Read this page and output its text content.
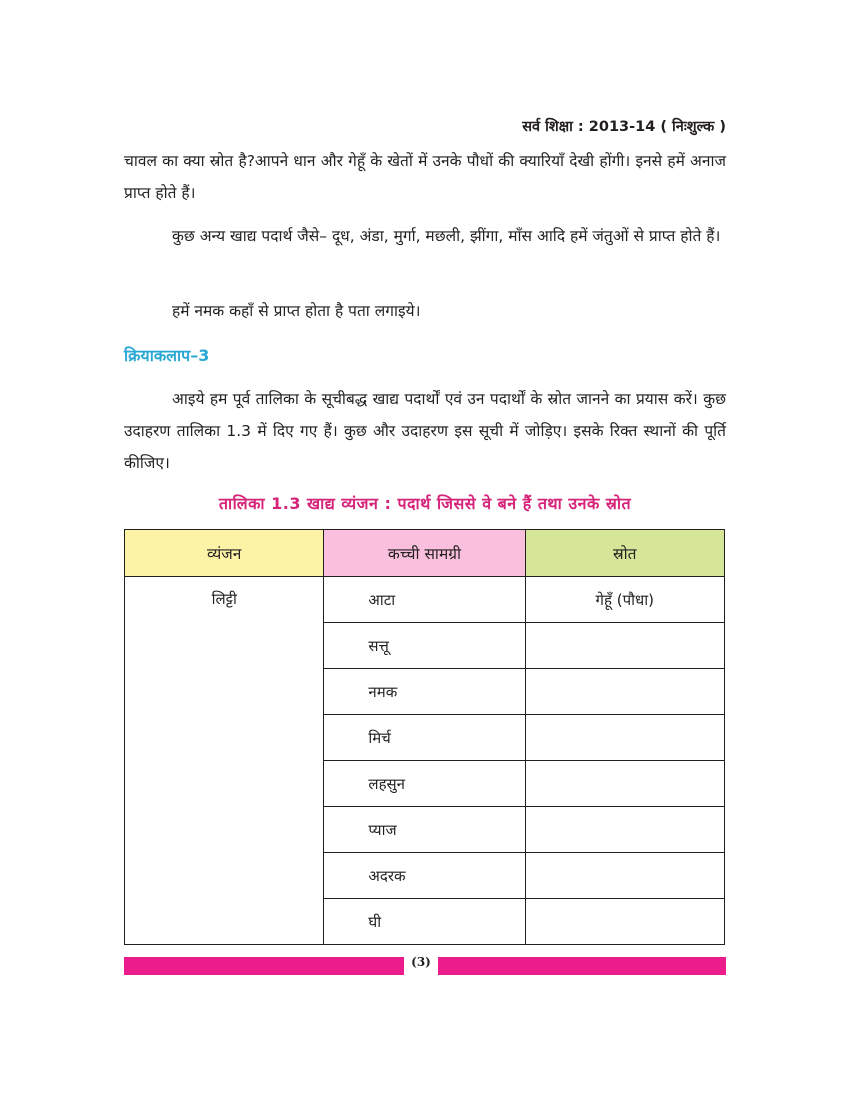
सर्व शिक्षा : 2013-14 ( निःशुल्क )

चावल का क्या स्रोत है?आपने धान और गेहूँ के खेतों में उनके पौधों की क्यारियाँ देखी होंगी। इनसे हमें अनाज प्राप्त होते हैं।

कुछ अन्य खाद्य पदार्थ जैसे– दूध, अंडा, मुर्गा, मछली, झींगा, माँस आदि हमें जंतुओं से प्राप्त होते हैं।

हमें नमक कहाँ से प्राप्त होता है पता लगाइये।

क्रियाकलाप–3

आइये हम पूर्व तालिका के सूचीबद्ध खाद्य पदार्थों एवं उन पदार्थों के स्रोत जानने का प्रयास करें। कुछ उदाहरण तालिका 1.3 में दिए गए हैं। कुछ और उदाहरण इस सूची में जोड़िए। इसके रिक्त स्थानों की पूर्ति कीजिए।

तालिका 1.3 खाद्य व्यंजन : पदार्थ जिससे वे बने हैं तथा उनके स्रोत
व्यंजन	कच्ची सामग्री	स्रोत
लिट्टी	आटा	गेहूँ (पौधा)
	सत्तू	
	नमक	
	मिर्च	
	लहसुन	
	प्याज	
	अदरक	
	घी	
(3)
